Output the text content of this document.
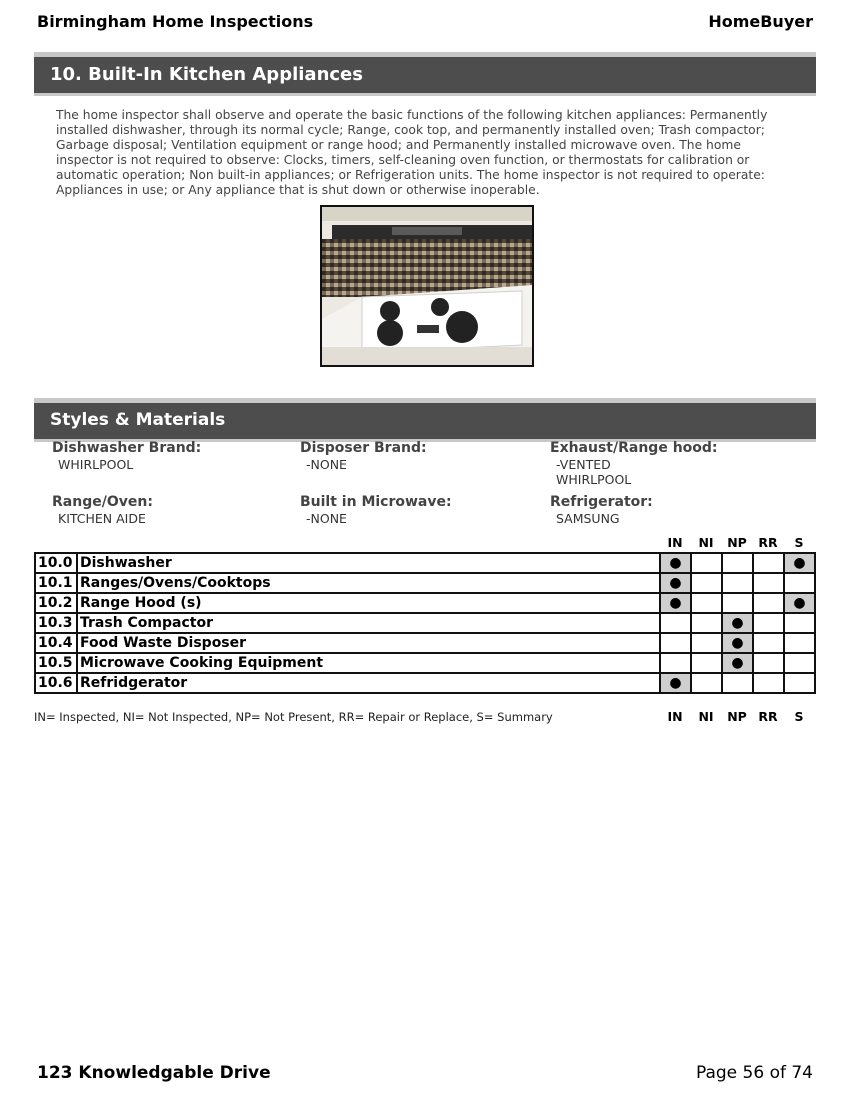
Birmingham Home Inspections	HomeBuyer
10. Built-In Kitchen Appliances
The home inspector shall observe and operate the basic functions of the following kitchen appliances: Permanently installed dishwasher, through its normal cycle; Range, cook top, and permanently installed oven; Trash compactor; Garbage disposal; Ventilation equipment or range hood; and Permanently installed microwave oven. The home inspector is not required to observe: Clocks, timers, self-cleaning oven function, or thermostats for calibration or automatic operation; Non built-in appliances; or Refrigeration units. The home inspector is not required to operate: Appliances in use; or Any appliance that is shut down or otherwise inoperable.
Styles & Materials
Dishwasher Brand:
WHIRLPOOL
Disposer Brand:
-NONE
Exhaust/Range hood:
-VENTED
WHIRLPOOL
Range/Oven:
KITCHEN AIDE
Built in Microwave:
-NONE
Refrigerator:
SAMSUNG
IN	NI	NP RR	S
10.0	Dishwasher	●				●
10.1	Ranges/Ovens/Cooktops	●				
10.2	Range Hood (s)	●				●
10.3	Trash Compactor			●		
10.4	Food Waste Disposer			●		
10.5	Microwave Cooking Equipment			●		
10.6	Refridgerator	●				
IN= Inspected, NI= Not Inspected, NP= Not Present, RR= Repair or Replace, S= Summary	IN	NI	NP RR	S
123 Knowledgable Drive	Page 56 of 74
